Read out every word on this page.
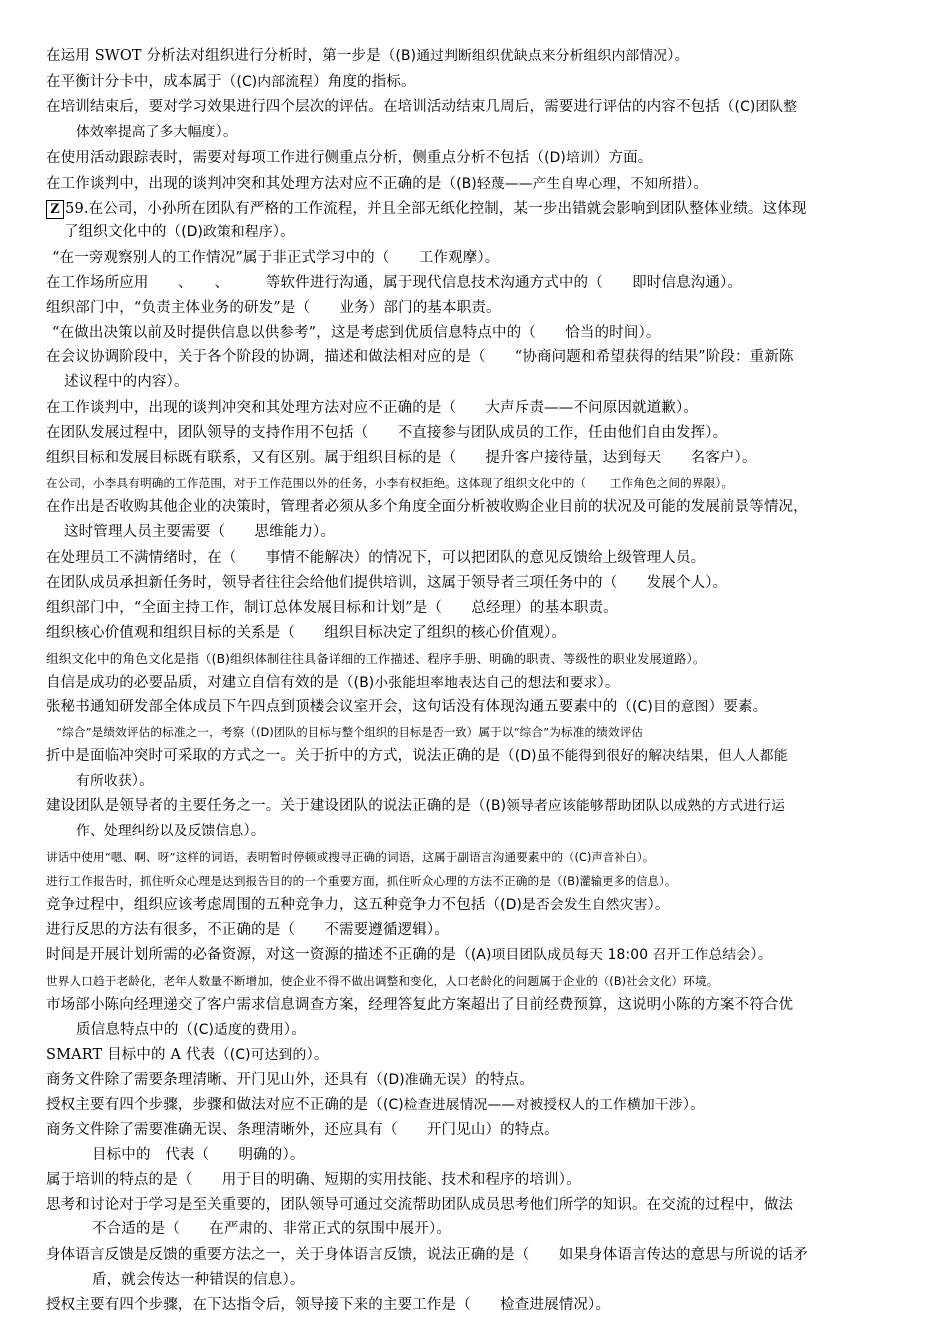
在运用 SWOT 分析法对组织进行分析时，第一步是（(B)通过判断组织优缺点来分析组织内部情况）。
在平衡计分卡中，成本属于（(C)内部流程）角度的指标。
在培训结束后，要对学习效果进行四个层次的评估。在培训活动结束几周后，需要进行评估的内容不包括（(C)团队整
体效率提高了多大幅度）。
在使用活动跟踪表时，需要对每项工作进行侧重点分析，侧重点分析不包括（(D)培训）方面。
在工作谈判中，出现的谈判冲突和其处理方法对应不正确的是（(B)轻蔑——产生自卑心理，不知所措）。
Z 59.在公司，小孙所在团队有严格的工作流程，并且全部无纸化控制，某一步出错就会影响到团队整体业绩。这体现
了组织文化中的（(D)政策和程序）。
“在一旁观察别人的工作情况”属于非正式学习中的（　　工作观摩）。
在工作场所应用　　、　　、　　　等软件进行沟通，属于现代信息技术沟通方式中的（　　即时信息沟通）。
组织部门中，“负责主体业务的研发”是（　　业务）部门的基本职责。
“在做出决策以前及时提供信息以供参考”，这是考虑到优质信息特点中的（　　恰当的时间）。
在会议协调阶段中，关于各个阶段的协调，描述和做法相对应的是（　　“协商问题和希望获得的结果”阶段：重新陈
述议程中的内容）。
在工作谈判中，出现的谈判冲突和其处理方法对应不正确的是（　　大声斥责——不问原因就道歉）。
在团队发展过程中，团队领导的支持作用不包括（　　不直接参与团队成员的工作，任由他们自由发挥）。
组织目标和发展目标既有联系，又有区别。属于组织目标的是（　　提升客户接待量，达到每天　　名客户）。
在公司，小李具有明确的工作范围，对于工作范围以外的任务，小李有权拒绝。这体现了组织文化中的（　　工作角色之间的界限）。
在作出是否收购其他企业的决策时，管理者必须从多个角度全面分析被收购企业目前的状况及可能的发展前景等情况，
这时管理人员主要需要（　　思维能力）。
在处理员工不满情绪时，在（　　事情不能解决）的情况下，可以把团队的意见反馈给上级管理人员。
在团队成员承担新任务时，领导者往往会给他们提供培训，这属于领导者三项任务中的（　　发展个人）。
组织部门中，“全面主持工作，制订总体发展目标和计划”是（　　总经理）的基本职责。
组织核心价值观和组织目标的关系是（　　组织目标决定了组织的核心价值观）。
组织文化中的角色文化是指（(B)组织体制往往具备详细的工作描述、程序手册、明确的职责、等级性的职业发展道路）。
自信是成功的必要品质，对建立自信有效的是（(B)小张能坦率地表达自己的想法和要求）。
张秘书通知研发部全体成员下午四点到顶楼会议室开会，这句话没有体现沟通五要素中的（(C)目的意图）要素。
“综合”是绩效评估的标准之一，考察（(D)团队的目标与整个组织的目标是否一致）属于以“综合”为标准的绩效评估
折中是面临冲突时可采取的方式之一。关于折中的方式，说法正确的是（(D)虽不能得到很好的解决结果，但人人都能
有所收获）。
建设团队是领导者的主要任务之一。关于建设团队的说法正确的是（(B)领导者应该能够帮助团队以成熟的方式进行运
作、处理纠纷以及反馈信息）。
讲话中使用“嗯、啊、呀”这样的词语，表明暂时停顿或搜寻正确的词语，这属于副语言沟通要素中的（(C)声音补白）。
进行工作报告时，抓住听众心理是达到报告目的的一个重要方面，抓住听众心理的方法不正确的是（(B)灌输更多的信息）。
竞争过程中，组织应该考虑周围的五种竞争力，这五种竞争力不包括（(D)是否会发生自然灾害）。
进行反思的方法有很多，不正确的是（　　不需要遵循逻辑）。
时间是开展计划所需的必备资源，对这一资源的描述不正确的是（(A)项目团队成员每天 18:00 召开工作总结会）。
世界人口趋于老龄化，老年人数量不断增加，使企业不得不做出调整和变化，人口老龄化的问题属于企业的（(B)社会文化）环境。
市场部小陈向经理递交了客户需求信息调查方案，经理答复此方案超出了目前经费预算，这说明小陈的方案不符合优
质信息特点中的（(C)适度的费用）。
SMART 目标中的 A 代表（(C)可达到的）。
商务文件除了需要条理清晰、开门见山外，还具有（(D)准确无误）的特点。
授权主要有四个步骤，步骤和做法对应不正确的是（(C)检查进展情况——对被授权人的工作横加干涉）。
商务文件除了需要准确无误、条理清晰外，还应具有（　　开门见山）的特点。
目标中的　代表（　　明确的）。
属于培训的特点的是（　　用于目的明确、短期的实用技能、技术和程序的培训）。
思考和讨论对于学习是至关重要的，团队领导可通过交流帮助团队成员思考他们所学的知识。在交流的过程中，做法
不合适的是（　　在严肃的、非常正式的氛围中展开）。
身体语言反馈是反馈的重要方法之一，关于身体语言反馈，说法正确的是（　　如果身体语言传达的意思与所说的话矛
盾，就会传达一种错误的信息）。
授权主要有四个步骤，在下达指令后，领导接下来的主要工作是（　　检查进展情况）。
